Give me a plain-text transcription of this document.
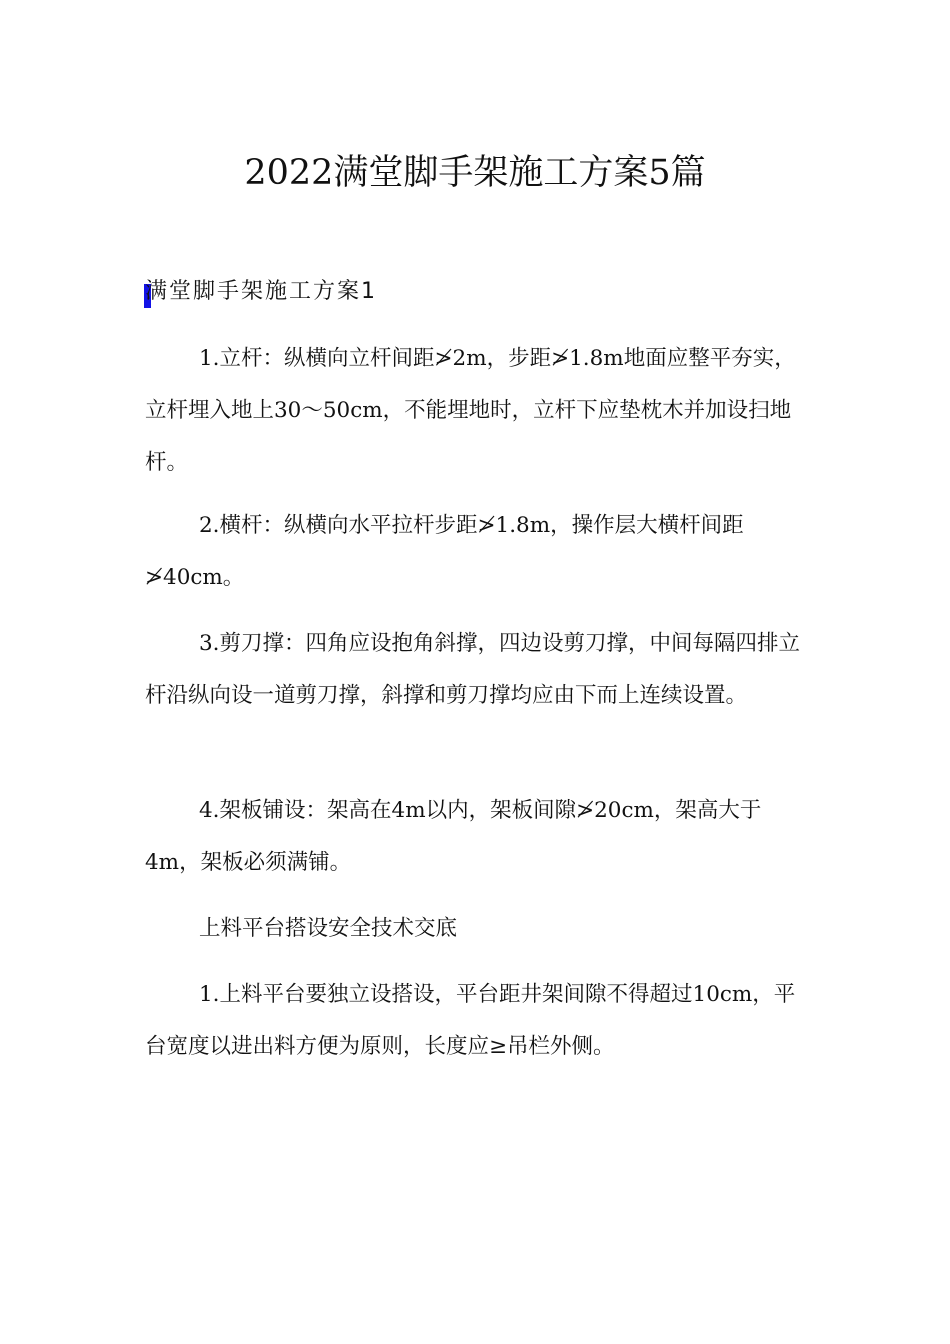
2022满堂脚手架施工方案5篇
满堂脚手架施工方案1

1.立杆：纵横向立杆间距≯2m，步距≯1.8m地面应整平夯实，立杆埋入地上30～50cm，不能埋地时，立杆下应垫枕木并加设扫地杆。

2.横杆：纵横向水平拉杆步距≯1.8m，操作层大横杆间距≯40cm。

3.剪刀撑：四角应设抱角斜撑，四边设剪刀撑，中间每隔四排立杆沿纵向设一道剪刀撑，斜撑和剪刀撑均应由下而上连续设置。

4.架板铺设：架高在4m以内，架板间隙≯20cm，架高大于4m，架板必须满铺。

上料平台搭设安全技术交底

1.上料平台要独立设搭设，平台距井架间隙不得超过10cm，平台宽度以进出料方便为原则，长度应≥吊栏外侧。
